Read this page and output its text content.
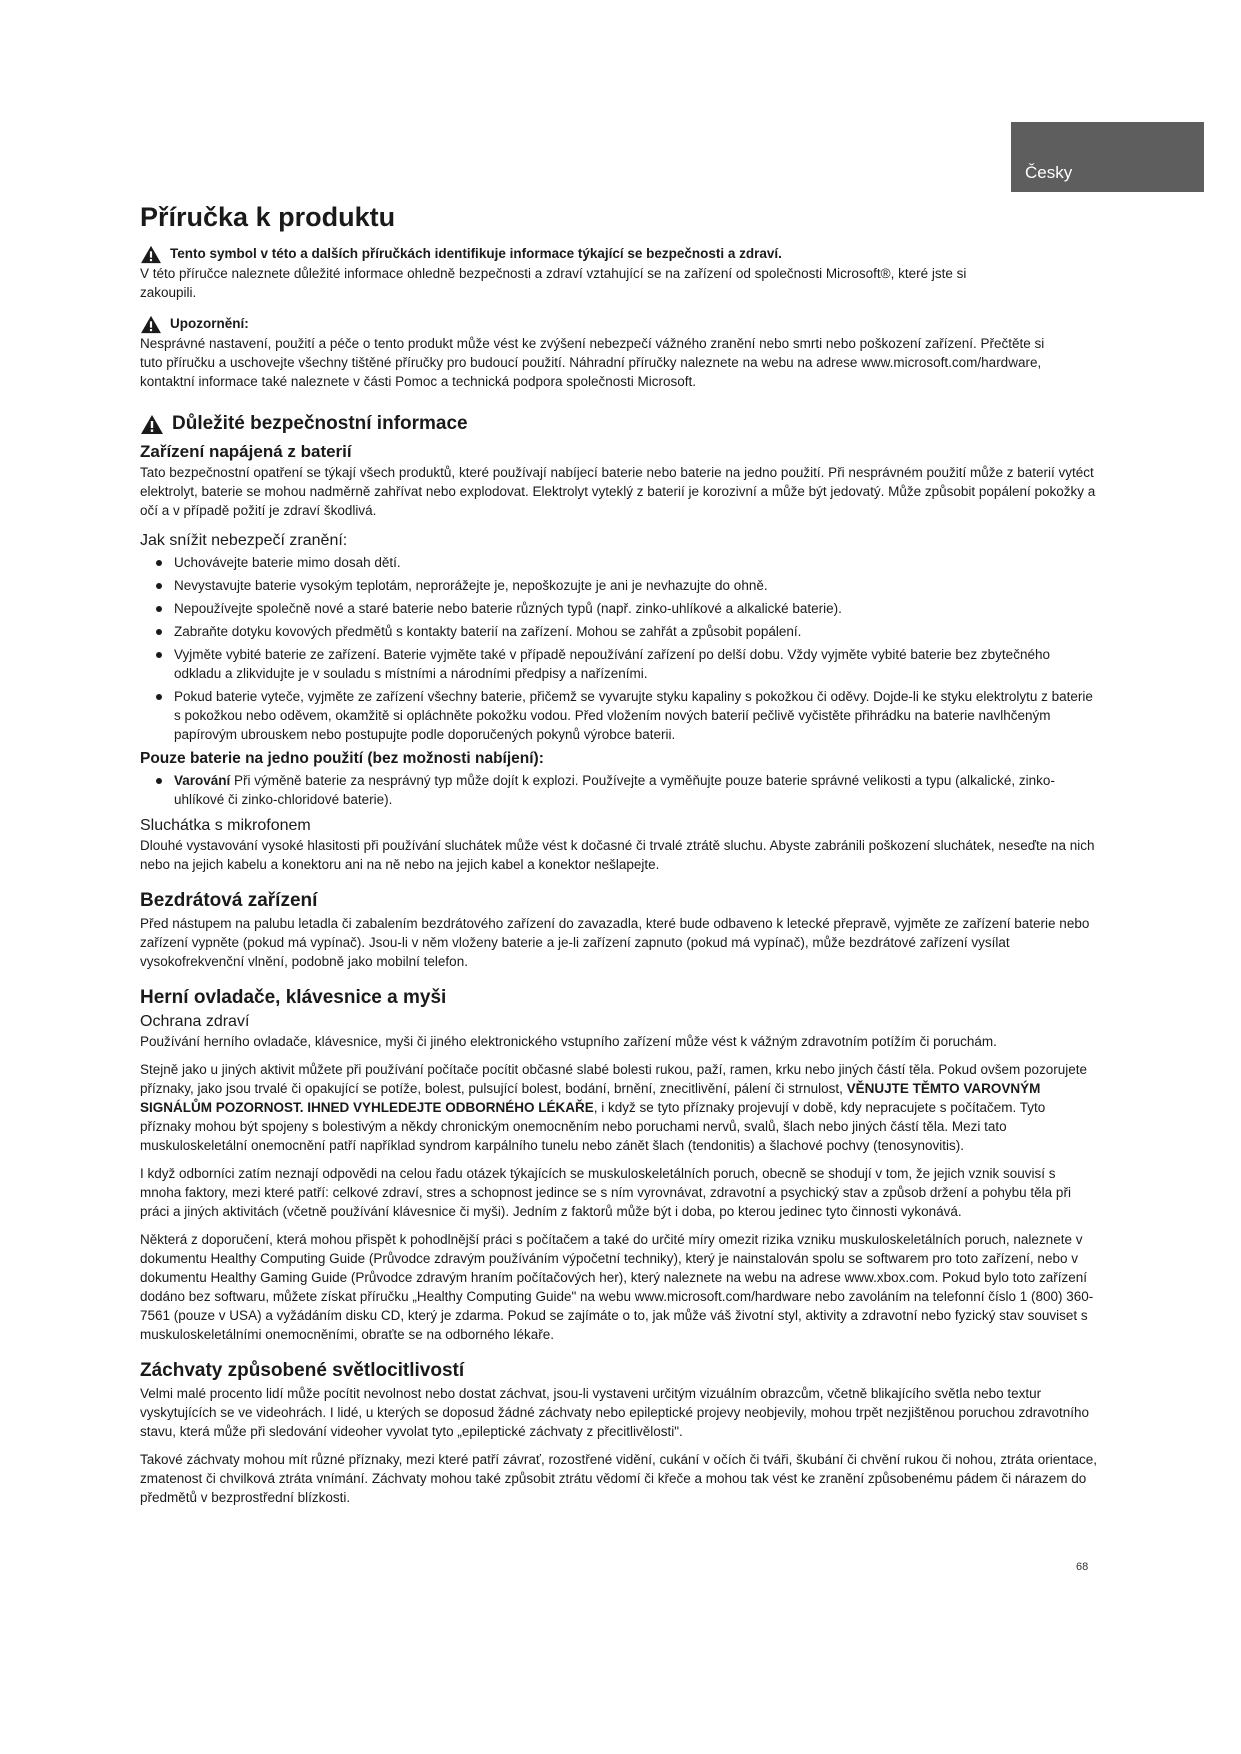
Česky
Příručka k produktu
Tento symbol v této a dalších příručkách identifikuje informace týkající se bezpečnosti a zdraví.

V této příručce naleznete důležité informace ohledně bezpečnosti a zdraví vztahující se na zařízení od společnosti Microsoft®, které jste si zakoupili.

Upozornění:

Nesprávné nastavení, použití a péče o tento produkt může vést ke zvýšení nebezpečí vážného zranění nebo smrti nebo poškození zařízení. Přečtěte si tuto příručku a uschovejte všechny tištěné příručky pro budoucí použití. Náhradní příručky naleznete na webu na adrese www.microsoft.com/hardware, kontaktní informace také naleznete v části Pomoc a technická podpora společnosti Microsoft.

Důležité bezpečnostní informace
Zařízení napájená z baterií

Tato bezpečnostní opatření se týkají všech produktů, které používají nabíjecí baterie nebo baterie na jedno použití. Při nesprávném použití může z baterií vytéct elektrolyt, baterie se mohou nadměrně zahřívat nebo explodovat. Elektrolyt vyteklý z baterií je korozivní a může být jedovatý. Může způsobit popálení pokožky a očí a v případě požití je zdraví škodlivá.

Jak snížit nebezpečí zranění:
Uchovávejte baterie mimo dosah dětí.
Nevystavujte baterie vysokým teplotám, neprorážejte je, nepoškozujte je ani je nevhazujte do ohně.
Nepoužívejte společně nové a staré baterie nebo baterie různých typů (např. zinko-uhlíkové a alkalické baterie).
Zabraňte dotyku kovových předmětů s kontakty baterií na zařízení. Mohou se zahřát a způsobit popálení.
Vyjměte vybité baterie ze zařízení. Baterie vyjměte také v případě nepoužívání zařízení po delší dobu. Vždy vyjměte vybité baterie bez zbytečného odkladu a zlikvidujte je v souladu s místními a národními předpisy a nařízeními.
Pokud baterie vyteče, vyjměte ze zařízení všechny baterie, přičemž se vyvarujte styku kapaliny s pokožkou či oděvy. Dojde-li ke styku elektrolytu z baterie s pokožkou nebo oděvem, okamžitě si opláchněte pokožku vodou. Před vložením nových baterií pečlivě vyčistěte přihrádku na baterie navlhčeným papírovým ubrouskem nebo postupujte podle doporučených pokynů výrobce baterii.
Pouze baterie na jedno použití (bez možnosti nabíjení):
Varování Při výměně baterie za nesprávný typ může dojít k explozi. Používejte a vyměňujte pouze baterie správné velikosti a typu (alkalické, zinko-uhlíkové či zinko-chloridové baterie).
Sluchátka s mikrofonem

Dlouhé vystavování vysoké hlasitosti při používání sluchátek může vést k dočasné či trvalé ztrátě sluchu. Abyste zabránili poškození sluchátek, neseďte na nich nebo na jejich kabelu a konektoru ani na ně nebo na jejich kabel a konektor nešlapejte.

Bezdrátová zařízení

Před nástupem na palubu letadla či zabalením bezdrátového zařízení do zavazadla, které bude odbaveno k letecké přepravě, vyjměte ze zařízení baterie nebo zařízení vypněte (pokud má vypínač). Jsou-li v něm vloženy baterie a je-li zařízení zapnuto (pokud má vypínač), může bezdrátové zařízení vysílat vysokofrekvenční vlnění, podobně jako mobilní telefon.

Herní ovladače, klávesnice a myši
Ochrana zdraví

Používání herního ovladače, klávesnice, myši či jiného elektronického vstupního zařízení může vést k vážným zdravotním potížím či poruchám.

Stejně jako u jiných aktivit můžete při používání počítače pocítit občasné slabé bolesti rukou, paží, ramen, krku nebo jiných částí těla. Pokud ovšem pozorujete příznaky, jako jsou trvalé či opakující se potíže, bolest, pulsující bolest, bodání, brnění, znecitlivění, pálení či strnulost, VĚNUJTE TĚMTO VAROVNÝM SIGNÁLŮM POZORNOST. IHNED VYHLEDEJTE ODBORNÉHO LÉKAŘE, i když se tyto příznaky projevují v době, kdy nepracujete s počítačem. Tyto příznaky mohou být spojeny s bolestivým a někdy chronickým onemocněním nebo poruchami nervů, svalů, šlach nebo jiných částí těla. Mezi tato muskuloskeletální onemocnění patří například syndrom karpálního tunelu nebo zánět šlach (tendonitis) a šlachové pochvy (tenosynovitis).

I když odborníci zatím neznají odpovědi na celou řadu otázek týkajících se muskuloskeletálních poruch, obecně se shodují v tom, že jejich vznik souvisí s mnoha faktory, mezi které patří: celkové zdraví, stres a schopnost jedince se s ním vyrovnávat, zdravotní a psychický stav a způsob držení a pohybu těla při práci a jiných aktivitách (včetně používání klávesnice či myši). Jedním z faktorů může být i doba, po kterou jedinec tyto činnosti vykonává.

Některá z doporučení, která mohou přispět k pohodlnější práci s počítačem a také do určité míry omezit rizika vzniku muskuloskeletálních poruch, naleznete v dokumentu Healthy Computing Guide (Průvodce zdravým používáním výpočetní techniky), který je nainstalován spolu se softwarem pro toto zařízení, nebo v dokumentu Healthy Gaming Guide (Průvodce zdravým hraním počítačových her), který naleznete na webu na adrese www.xbox.com. Pokud bylo toto zařízení dodáno bez softwaru, můžete získat příručku „Healthy Computing Guide" na webu www.microsoft.com/hardware nebo zavoláním na telefonní číslo 1 (800) 360-7561 (pouze v USA) a vyžádáním disku CD, který je zdarma. Pokud se zajímáte o to, jak může váš životní styl, aktivity a zdravotní nebo fyzický stav souviset s muskuloskeletálními onemocněními, obraťte se na odborného lékaře.

Záchvaty způsobené světlocitlivostí

Velmi malé procento lidí může pocítit nevolnost nebo dostat záchvat, jsou-li vystaveni určitým vizuálním obrazcům, včetně blikajícího světla nebo textur vyskytujících se ve videohrách. I lidé, u kterých se doposud žádné záchvaty nebo epileptické projevy neobjevily, mohou trpět nezjištěnou poruchou zdravotního stavu, která může při sledování videoher vyvolat tyto „epileptické záchvaty z přecitlivělosti".

Takové záchvaty mohou mít různé příznaky, mezi které patří závrať, rozostřené vidění, cukání v očích či tváři, škubání či chvění rukou či nohou, ztráta orientace, zmatenost či chvilková ztráta vnímání. Záchvaty mohou také způsobit ztrátu vědomí či křeče a mohou tak vést ke zranění způsobenému pádem či nárazem do předmětů v bezprostřední blízkosti.

68
